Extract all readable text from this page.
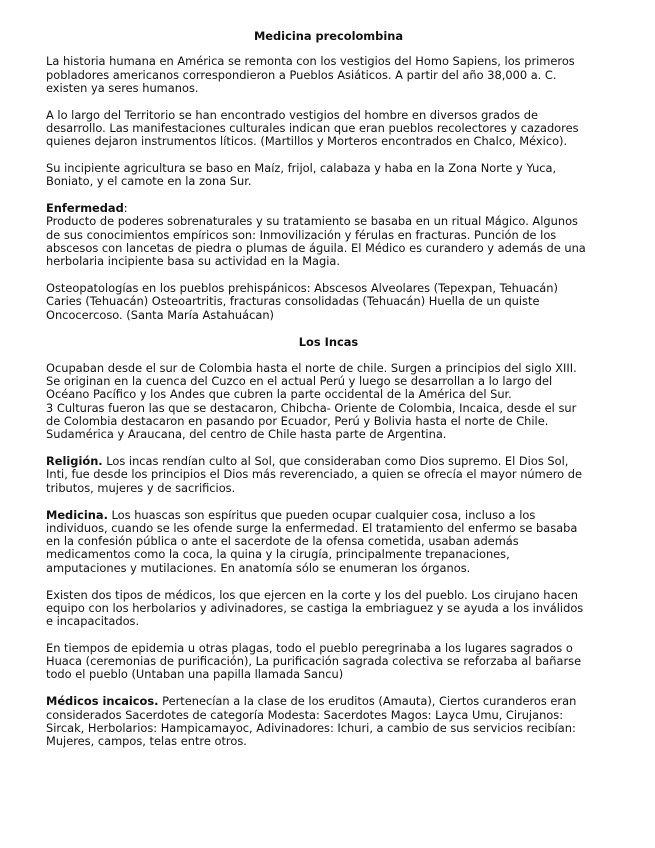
Medicina precolombina

La historia humana en América se remonta con los vestigios del Homo Sapiens, los primeros
pobladores americanos correspondieron a Pueblos Asiáticos. A partir del año 38,000 a. C.
existen ya seres humanos.

A lo largo del Territorio se han encontrado vestigios del hombre en diversos grados de
desarrollo. Las manifestaciones culturales indican que eran pueblos recolectores y cazadores
quienes dejaron instrumentos líticos. (Martillos y Morteros encontrados en Chalco, México).

Su incipiente agricultura se baso en Maíz, frijol, calabaza y haba en la Zona Norte y Yuca,
Boniato, y el camote en la zona Sur.

Enfermedad:
Producto de poderes sobrenaturales y su tratamiento se basaba en un ritual Mágico. Algunos
de sus conocimientos empíricos son: Inmovilización y férulas en fracturas. Punción de los
abscesos con lancetas de piedra o plumas de águila. El Médico es curandero y además de una
herbolaria incipiente basa su actividad en la Magia.

Osteopatologías en los pueblos prehispánicos: Abscesos Alveolares (Tepexpan, Tehuacán)
Caries (Tehuacán) Osteoartritis, fracturas consolidadas (Tehuacán) Huella de un quiste
Oncocercoso. (Santa María Astahuácan)

Los Incas

Ocupaban desde el sur de Colombia hasta el norte de chile. Surgen a principios del siglo XIII.
Se originan en la cuenca del Cuzco en el actual Perú y luego se desarrollan a lo largo del
Océano Pacífico y los Andes que cubren la parte occidental de la América del Sur.
3 Culturas fueron las que se destacaron, Chibcha- Oriente de Colombia, Incaica, desde el sur
de Colombia destacaron en pasando por Ecuador, Perú y Bolivia hasta el norte de Chile.
Sudamérica y Araucana, del centro de Chile hasta parte de Argentina.

Religión. Los incas rendían culto al Sol, que consideraban como Dios supremo. El Dios Sol,
Inti, fue desde los principios el Dios más reverenciado, a quien se ofrecía el mayor número de
tributos, mujeres y de sacrificios.

Medicina. Los huascas son espíritus que pueden ocupar cualquier cosa, incluso a los
individuos, cuando se les ofende surge la enfermedad. El tratamiento del enfermo se basaba
en la confesión pública o ante el sacerdote de la ofensa cometida, usaban además
medicamentos como la coca, la quina y la cirugía, principalmente trepanaciones,
amputaciones y mutilaciones. En anatomía sólo se enumeran los órganos.

Existen dos tipos de médicos, los que ejercen en la corte y los del pueblo. Los cirujano hacen
equipo con los herbolarios y adivinadores, se castiga la embriaguez y se ayuda a los inválidos
e incapacitados.

En tiempos de epidemia u otras plagas, todo el pueblo peregrinaba a los lugares sagrados o
Huaca (ceremonias de purificación), La purificación sagrada colectiva se reforzaba al bañarse
todo el pueblo (Untaban una papilla llamada Sancu)

Médicos incaicos. Pertenecían a la clase de los eruditos (Amauta), Ciertos curanderos eran
considerados Sacerdotes de categoría Modesta: Sacerdotes Magos: Layca Umu, Cirujanos:
Sircak, Herbolarios: Hampicamayoc, Adivinadores: Ichuri, a cambio de sus servicios recibían:
Mujeres, campos, telas entre otros.
